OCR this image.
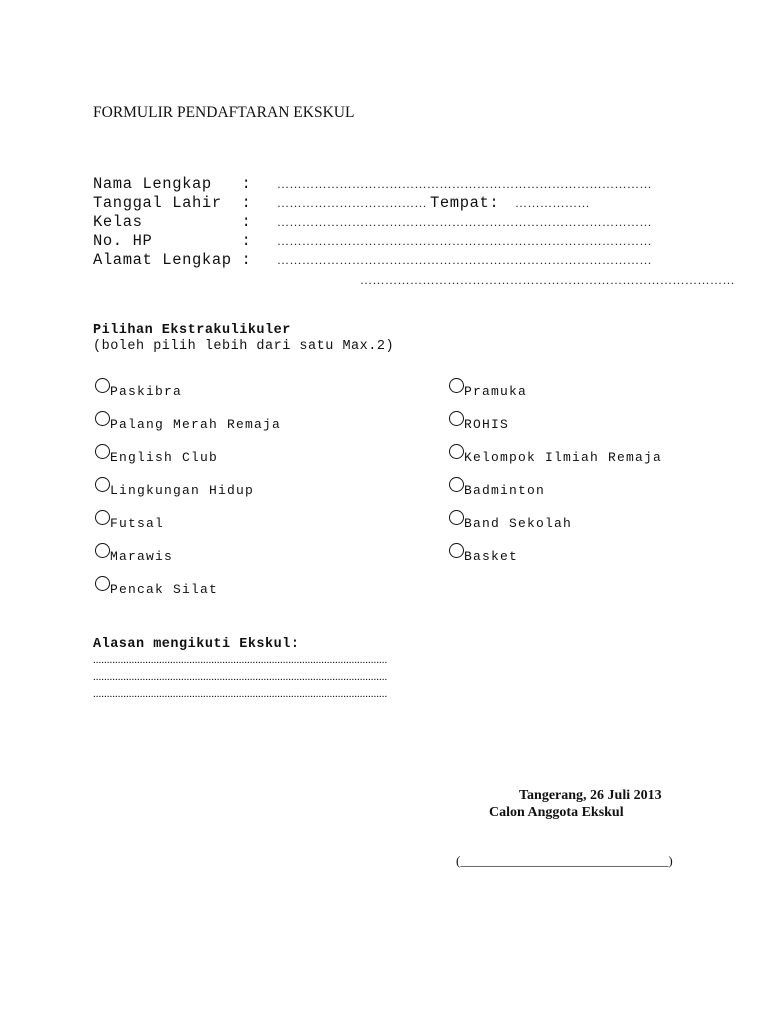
FORMULIR PENDAFTARAN EKSKUL
Nama Lengkap   : ………………………………………………………………………………
Tanggal Lahir  : ……………………………… Tempat: ………………
Kelas          : ………………………………………………………………………………
No. HP         : ………………………………………………………………………………
Alamat Lengkap : ………………………………………………………………………………
………………………………………………………………………………
Pilihan Ekstrakulikuler
(boleh pilih lebih dari satu Max.2)
Paskibra
Palang Merah Remaja
English Club
Lingkungan Hidup
Futsal
Marawis
Pencak Silat
Pramuka
ROHIS
Kelompok Ilmiah Remaja
Badminton
Band Sekolah
Basket
Alasan mengikuti Ekskul:
...........................................................................................................
...........................................................................................................
...........................................................................................................
Tangerang, 26 Juli 2013
Calon Anggota Ekskul
(________________________________)
